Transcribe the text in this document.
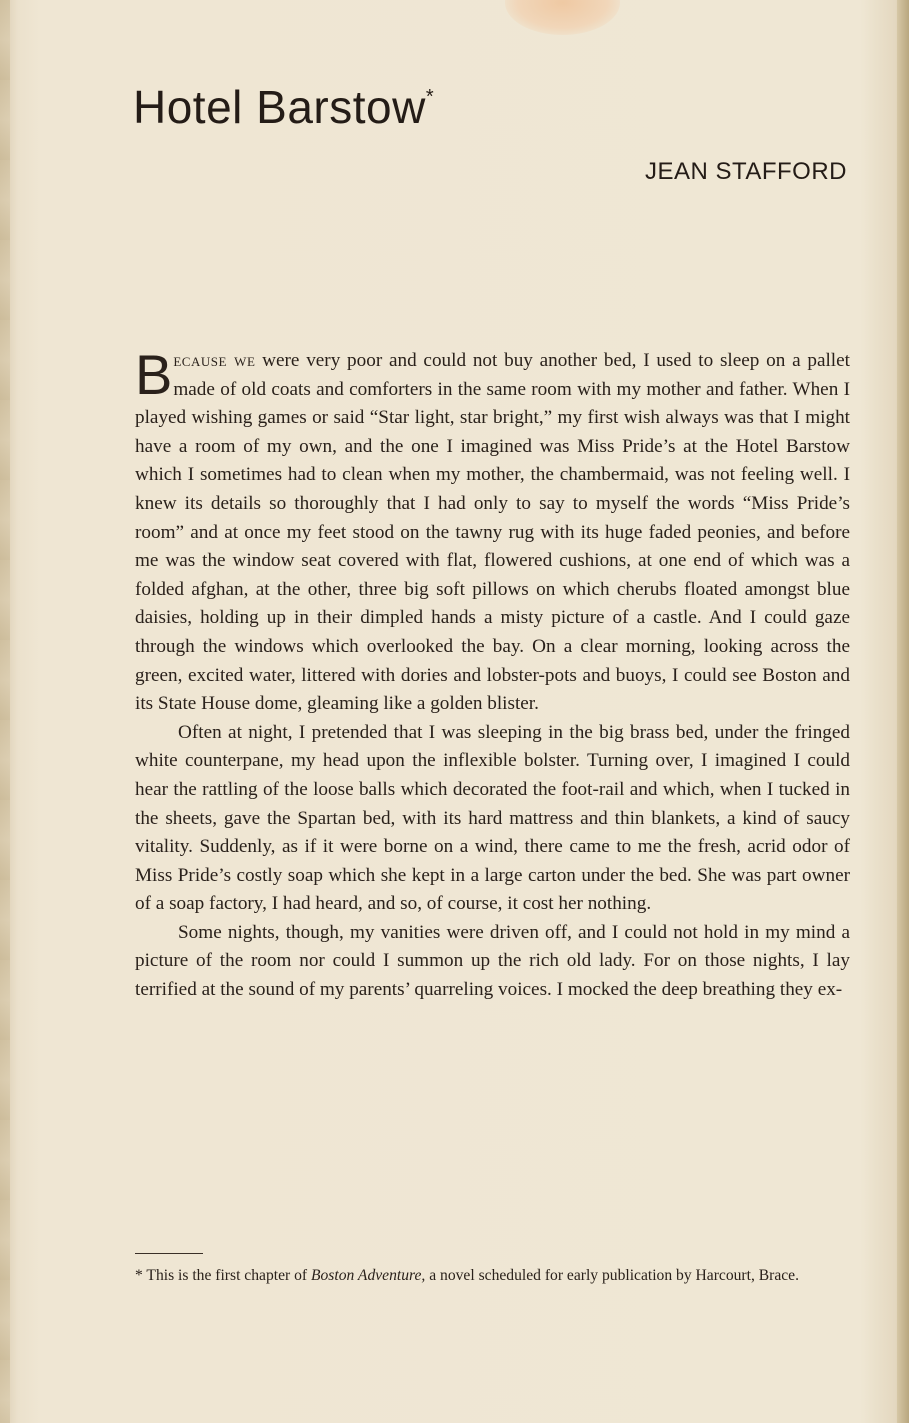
Hotel Barstow*
JEAN STAFFORD

Because we were very poor and could not buy another bed, I used to sleep on a pallet made of old coats and comforters in the same room with my mother and father. When I played wishing games or said “Star light, star bright,” my first wish always was that I might have a room of my own, and the one I imagined was Miss Pride’s at the Hotel Barstow which I sometimes had to clean when my mother, the chambermaid, was not feeling well. I knew its details so thoroughly that I had only to say to myself the words “Miss Pride’s room” and at once my feet stood on the tawny rug with its huge faded peonies, and before me was the window seat covered with flat, flowered cushions, at one end of which was a folded afghan, at the other, three big soft pillows on which cherubs floated amongst blue daisies, holding up in their dimpled hands a misty picture of a castle. And I could gaze through the windows which overlooked the bay. On a clear morning, looking across the green, excited water, littered with dories and lobster-pots and buoys, I could see Boston and its State House dome, gleaming like a golden blister.

Often at night, I pretended that I was sleeping in the big brass bed, under the fringed white counterpane, my head upon the inflexible bolster. Turning over, I imagined I could hear the rattling of the loose balls which decorated the foot-rail and which, when I tucked in the sheets, gave the Spartan bed, with its hard mattress and thin blankets, a kind of saucy vitality. Suddenly, as if it were borne on a wind, there came to me the fresh, acrid odor of Miss Pride’s costly soap which she kept in a large carton under the bed. She was part owner of a soap factory, I had heard, and so, of course, it cost her nothing.

Some nights, though, my vanities were driven off, and I could not hold in my mind a picture of the room nor could I summon up the rich old lady. For on those nights, I lay terrified at the sound of my parents’ quarreling voices. I mocked the deep breathing they ex-

* This is the first chapter of Boston Adventure, a novel scheduled for early publication by Harcourt, Brace.
